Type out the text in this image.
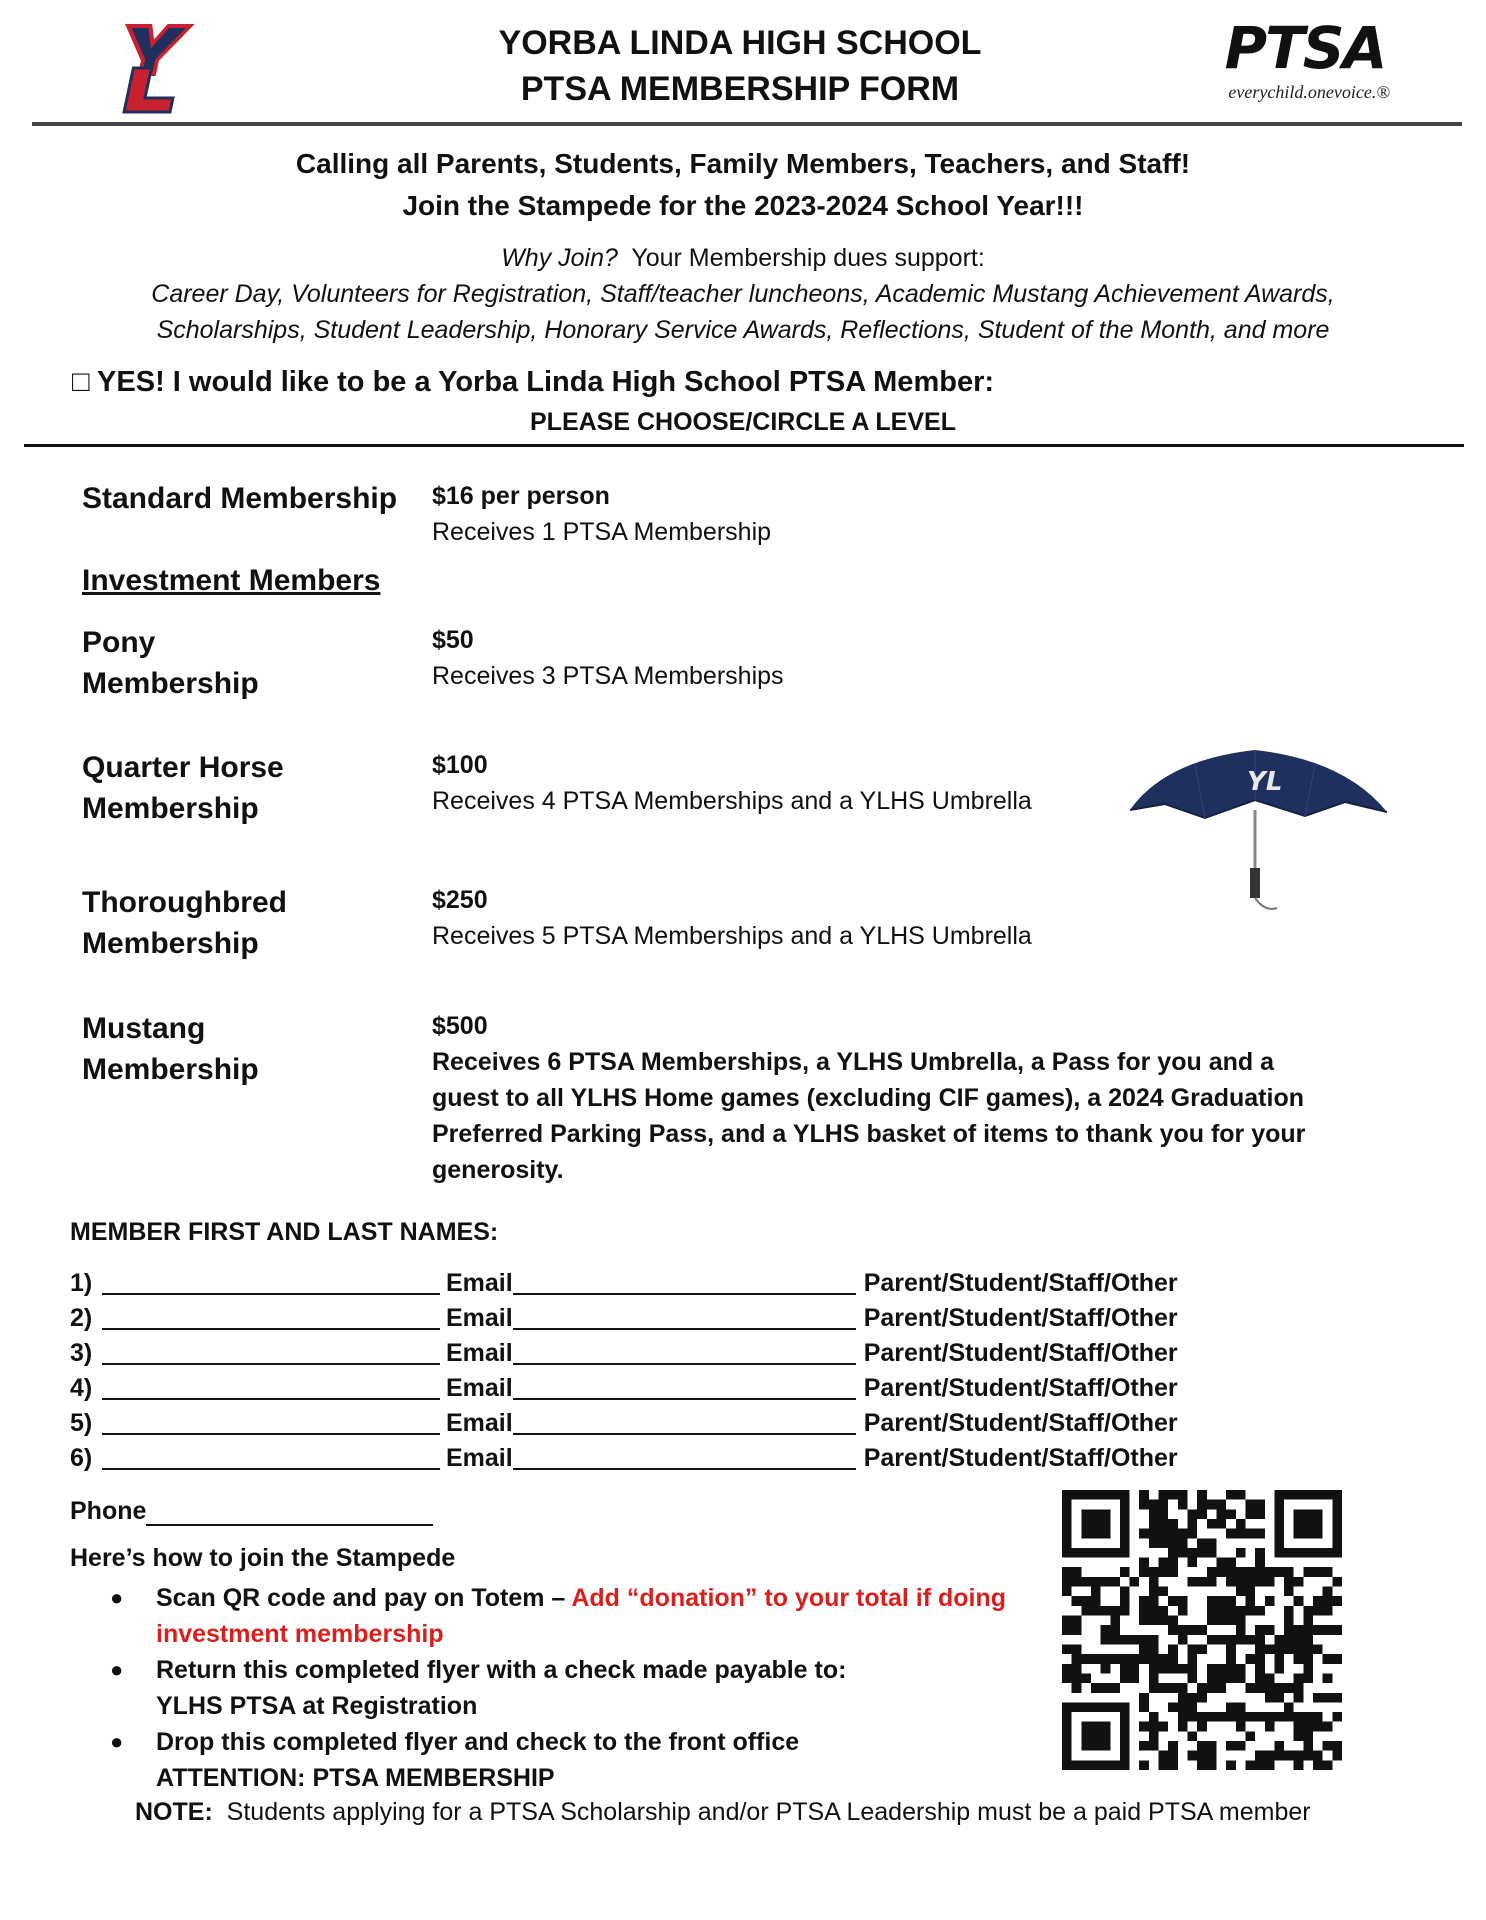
YORBA LINDA HIGH SCHOOL
PTSA MEMBERSHIP FORM
PTSA
everychild.onevoice.®
Calling all Parents, Students, Family Members, Teachers, and Staff!
Join the Stampede for the 2023-2024 School Year!!!
Why Join?  Your Membership dues support:
Career Day, Volunteers for Registration, Staff/teacher luncheons, Academic Mustang Achievement Awards,
Scholarships, Student Leadership, Honorary Service Awards, Reflections, Student of the Month, and more
□ YES! I would like to be a Yorba Linda High School PTSA Member:
PLEASE CHOOSE/CIRCLE A LEVEL
Standard Membership $16 per person
Receives 1 PTSA Membership
Investment Members
Pony
Membership
$50
Receives 3 PTSA Memberships
Quarter Horse
Membership
$100
Receives 4 PTSA Memberships and a YLHS Umbrella
YL
Thoroughbred
Membership
$250
Receives 5 PTSA Memberships and a YLHS Umbrella
Mustang
Membership
$500
Receives 6 PTSA Memberships, a YLHS Umbrella, a Pass for you and a
guest to all YLHS Home games (excluding CIF games), a 2024 Graduation
Preferred Parking Pass, and a YLHS basket of items to thank you for your
generosity.
MEMBER FIRST AND LAST NAMES:
1)	Email	Parent/Student/Staff/Other
2)	Email	Parent/Student/Staff/Other
3)	Email	Parent/Student/Staff/Other
4)	Email	Parent/Student/Staff/Other
5)	Email	Parent/Student/Staff/Other
6)	Email	Parent/Student/Staff/Other
Phone
Here’s how to join the Stampede
●	Scan QR code and pay on Totem – Add “donation” to your total if doing
investment membership
●	Return this completed flyer with a check made payable to:
YLHS PTSA at Registration
●	Drop this completed flyer and check to the front office
ATTENTION: PTSA MEMBERSHIP
NOTE:  Students applying for a PTSA Scholarship and/or PTSA Leadership must be a paid PTSA member
